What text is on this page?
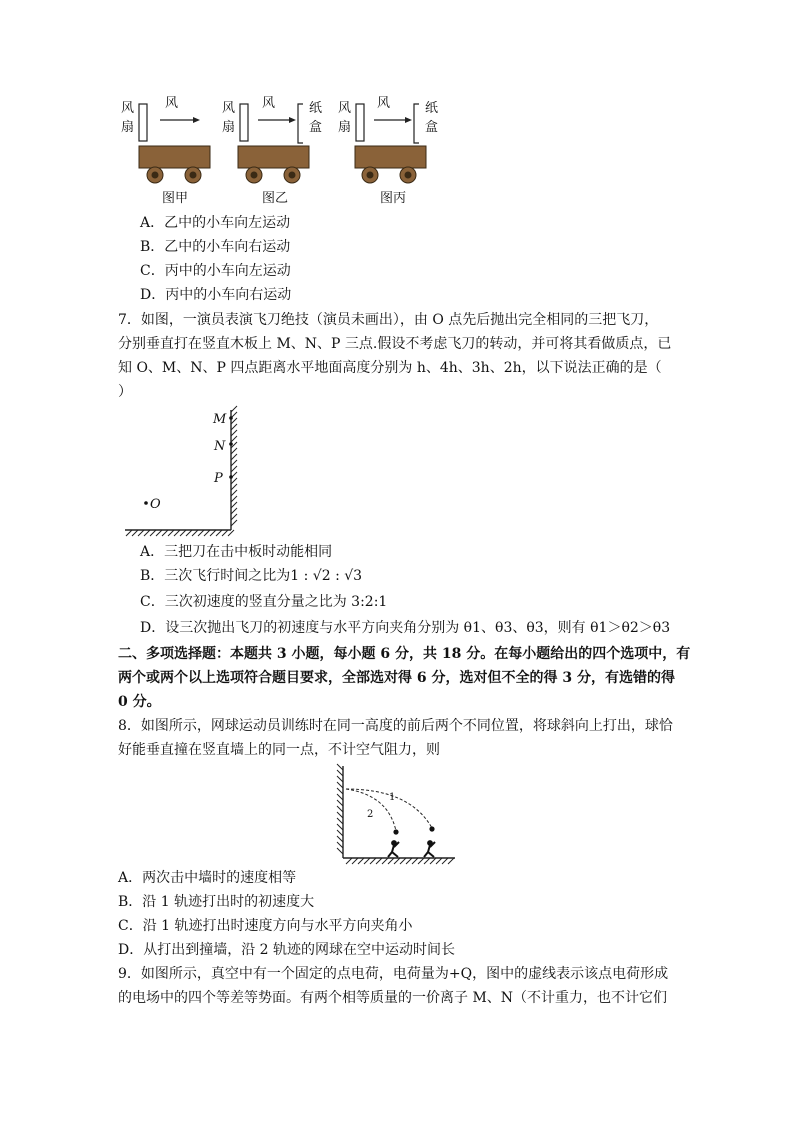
风
扇
风
图甲
风
扇
风	纸
盒
图乙
风
扇
风	纸
盒
图丙
A．乙中的小车向左运动
B．乙中的小车向右运动
C．丙中的小车向左运动
D．丙中的小车向右运动
7．如图，一演员表演飞刀绝技（演员未画出），由 O 点先后抛出完全相同的三把飞刀，
分别垂直打在竖直木板上 M、N、P 三点.假设不考虑飞刀的转动，并可将其看做质点，已
知 O、M、N、P 四点距离水平地面高度分别为 h、4h、3h、2h，以下说法正确的是（
）
M
N
P
O
A．三把刀在击中板时动能相同
B．三次飞行时间之比为1 : √2 : √3
C．三次初速度的竖直分量之比为 3:2:1
D．设三次抛出飞刀的初速度与水平方向夹角分别为 θ1、θ3、θ3，则有 θ1＞θ2＞θ3
二、多项选择题：本题共 3 小题，每小题 6 分，共 18 分。在每小题给出的四个选项中，有
两个或两个以上选项符合题目要求，全部选对得 6 分，选对但不全的得 3 分，有选错的得
0 分。
8．如图所示，网球运动员训练时在同一高度的前后两个不同位置，将球斜向上打出，球恰
好能垂直撞在竖直墙上的同一点，不计空气阻力，则
1
2
A．两次击中墙时的速度相等
B．沿 1 轨迹打出时的初速度大
C．沿 1 轨迹打出时速度方向与水平方向夹角小
D．从打出到撞墙，沿 2 轨迹的网球在空中运动时间长
9．如图所示，真空中有一个固定的点电荷，电荷量为+Q，图中的虚线表示该点电荷形成
的电场中的四个等差等势面。有两个相等质量的一价离子 M、N（不计重力，也不计它们
